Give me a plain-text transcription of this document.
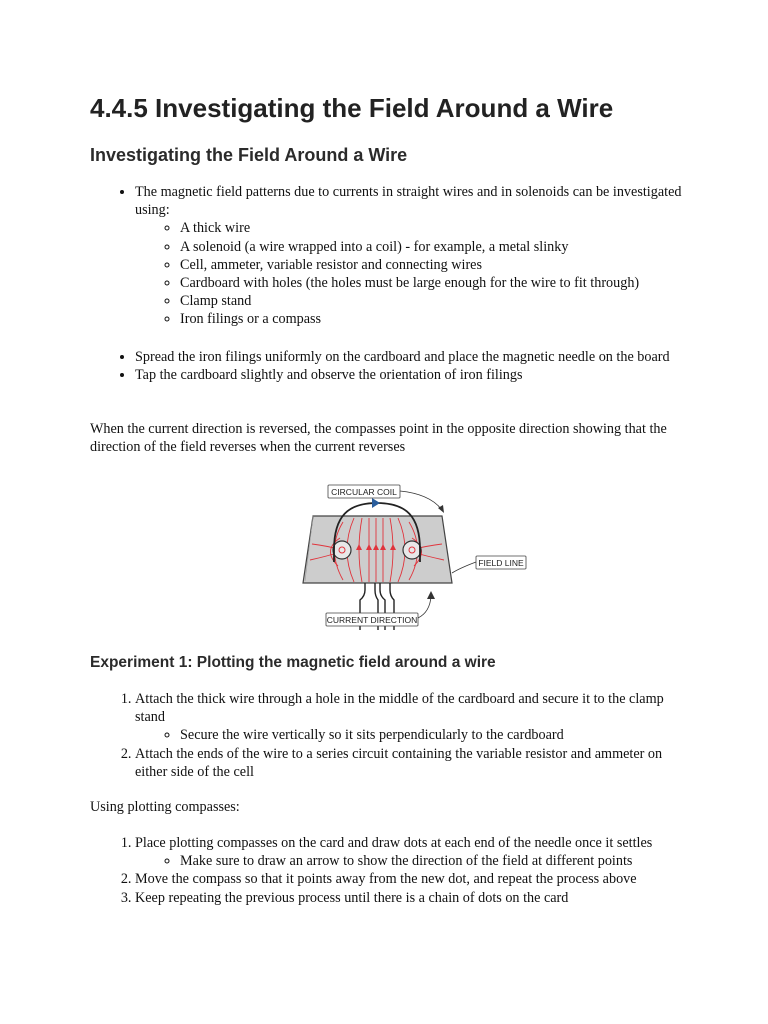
4.4.5 Investigating the Field Around a Wire
Investigating the Field Around a Wire
• The magnetic field patterns due to currents in straight wires and in solenoids can be investigated using:
◦ A thick wire
◦ A solenoid (a wire wrapped into a coil) - for example, a metal slinky
◦ Cell, ammeter, variable resistor and connecting wires
◦ Cardboard with holes (the holes must be large enough for the wire to fit through)
◦ Clamp stand
◦ Iron filings or a compass
• Spread the iron filings uniformly on the cardboard and place the magnetic needle on the board
• Tap the cardboard slightly and observe the orientation of iron filings

When the current direction is reversed, the compasses point in the opposite direction showing that the direction of the field reverses when the current reverses

CIRCULAR COIL
FIELD LINE
CURRENT DIRECTION
Experiment 1: Plotting the magnetic field around a wire
1. Attach the thick wire through a hole in the middle of the cardboard and secure it to the clamp stand
◦ Secure the wire vertically so it sits perpendicularly to the cardboard
2. Attach the ends of the wire to a series circuit containing the variable resistor and ammeter on either side of the cell

Using plotting compasses:

1. Place plotting compasses on the card and draw dots at each end of the needle once it settles
◦ Make sure to draw an arrow to show the direction of the field at different points
2. Move the compass so that it points away from the new dot, and repeat the process above
3. Keep repeating the previous process until there is a chain of dots on the card
